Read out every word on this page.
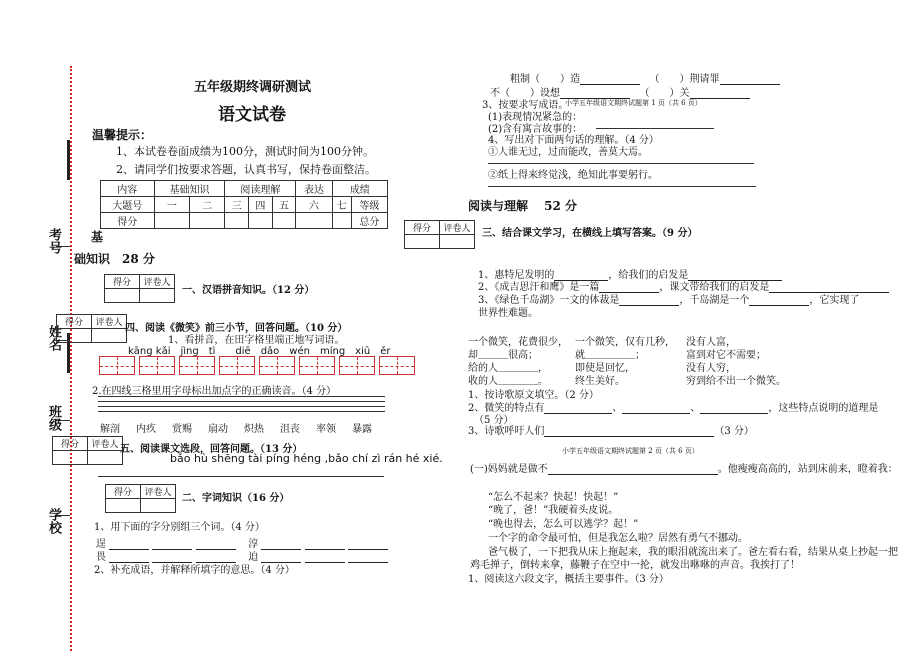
考号
姓名
班级
学校
五年级期终调研测试
语文试卷
温馨提示：
1、本试卷卷面成绩为100分，测试时间为100分钟。
2、请同学们按要求答题，认真书写，保持卷面整洁。
内容	基础知识		阅读理解			表达	成绩	
大题号	一	二	三	四	五	六	七	等级
得分								总分
得分	评卷人

基
础知识　28 分
得分	评卷人

一、汉语拼音知识。（12 分）
得分	评卷人
	四、阅读《微笑》前三小节，回答问题。（10 分）
1、看拼音，在田字格里端正地写词语。
kāng kǎi　jìng　tì　　diē　dǎo　wén　míng　xiū　ěr
2.在四线三格里用字母标出加点字的正确读音。（4 分）
解剖 内疚 赏赐 扇动 炽热 沮丧 率领 暴露
得分	评卷人
	五、阅读课文选段，回答问题。（13 分）
bǎo hù shēng tài píng héng ,bǎo chí zì rán hé xié.
得分	评卷人
	二、字词知识（16 分）
1、用下面的字分别组三个词。（4 分）
逞	淳
畏	迫
2、补充成语，并解释所填字的意思。（4 分）
粗制（　　）造	（　　）荆请罪
不（　　）设想	（　　）关
3、按要求写成语。
小学五年级语文期终试题第 1 页（共 6 页）
(1)表现情况紧急的：
(2)含有寓言故事的：
4、写出对下面两句话的理解。（4 分）
①人谁无过，过而能改，善莫大焉。
②纸上得来终觉浅，绝知此事要躬行。
阅读与理解　 52 分
三、结合课文学习，在横线上填写答案。（9 分）
1、惠特尼发明的	，给我们的启发是
2、《成吉思汗和鹰》是一篇	，课文带给我们的启发是
3、《绿色千岛湖》一文的体裁是	，千岛湖是一个	，它实现了
世界性难题。
一个微笑，花费很少，
却＿＿＿很高；
给的人＿＿＿＿，
收的人＿＿＿＿。
一个微笑，仅有几秒，
就＿＿＿＿＿；
即使是回忆，
终生美好。
没有人富，
富到对它不需要；
没有人穷，
穷到给不出一个微笑。
1、按诗歌原文填空。（2 分）
2、微笑的特点有	、	、	，这些特点说明的道理是
（5 分）
3、诗歌呼吁人们	（3 分）
小学五年级语文期终试题第 2 页（共 6 页）
(一)妈妈就是做不	。他瘦瘦高高的，站到床前来，瞪着我：
“怎么不起来？快起！快起！”
“晚了，爸！”我硬着头皮说。
“晚也得去，怎么可以逃学？起！”
一个字的命令最可怕，但是我怎么啦？居然有勇气不挪动。
爸气极了，一下把我从床上拖起来，我的眼泪就流出来了。爸左看右看，结果从桌上抄起一把
鸡毛掸子，倒转来拿，藤鞭子在空中一抡，就发出咻咻的声音。我挨打了！
1、阅读这六段文字，概括主要事件。（3 分）
